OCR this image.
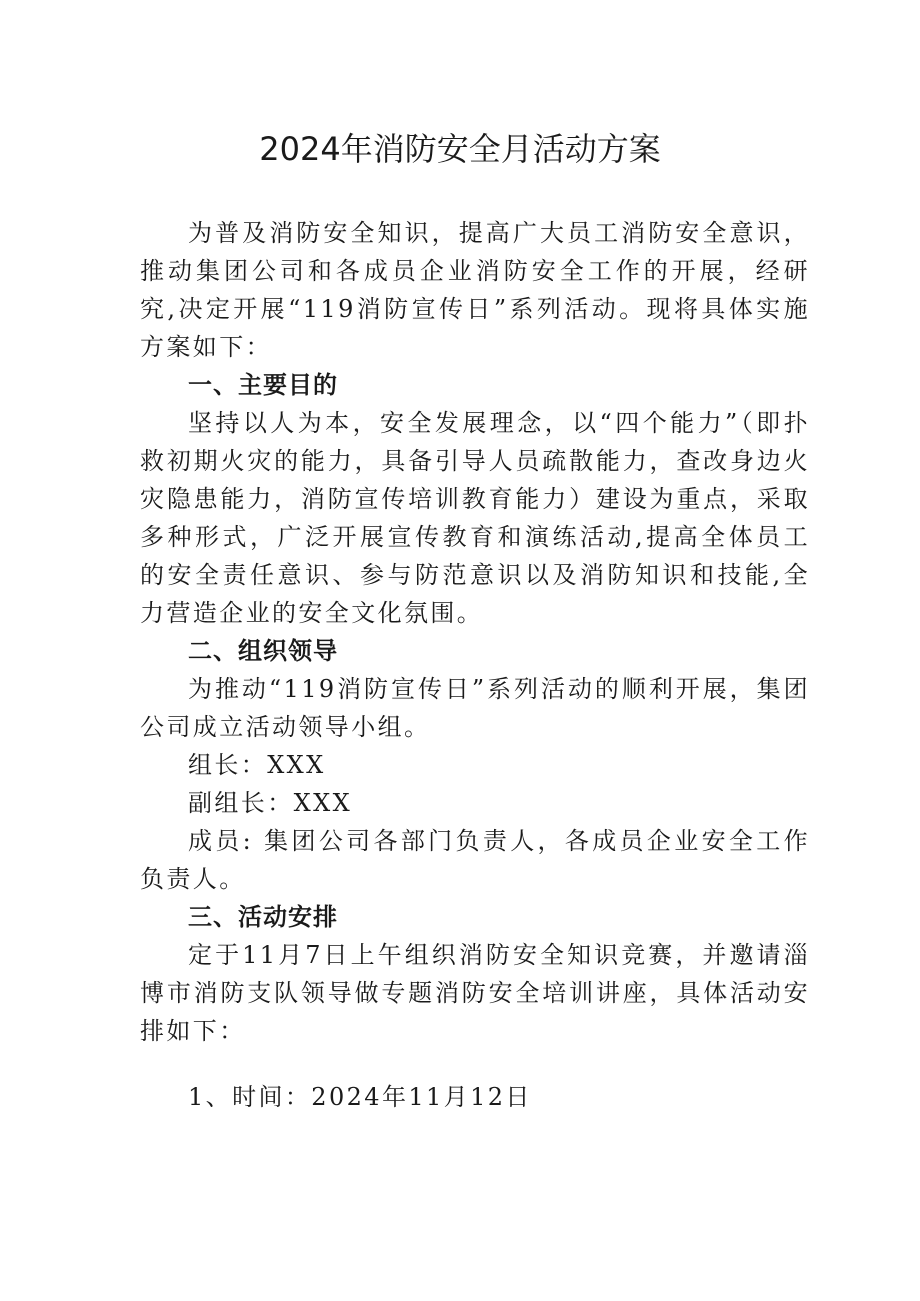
2024年消防安全月活动方案

为普及消防安全知识，提高广大员工消防安全意识，推动集团公司和各成员企业消防安全工作的开展，经研究,决定开展“119消防宣传日”系列活动。现将具体实施方案如下：

一、主要目的

坚持以人为本，安全发展理念，以“四个能力”（即扑救初期火灾的能力，具备引导人员疏散能力，查改身边火灾隐患能力，消防宣传培训教育能力）建设为重点，采取多种形式，广泛开展宣传教育和演练活动,提高全体员工的安全责任意识、参与防范意识以及消防知识和技能,全力营造企业的安全文化氛围。

二、组织领导

为推动“119消防宣传日”系列活动的顺利开展，集团公司成立活动领导小组。

组长：XXX

副组长：XXX

成员: 集团公司各部门负责人，各成员企业安全工作负责人。

三、活动安排

定于11月7日上午组织消防安全知识竞赛，并邀请淄博市消防支队领导做专题消防安全培训讲座，具体活动安排如下：

1、时间：2024年11月12日
